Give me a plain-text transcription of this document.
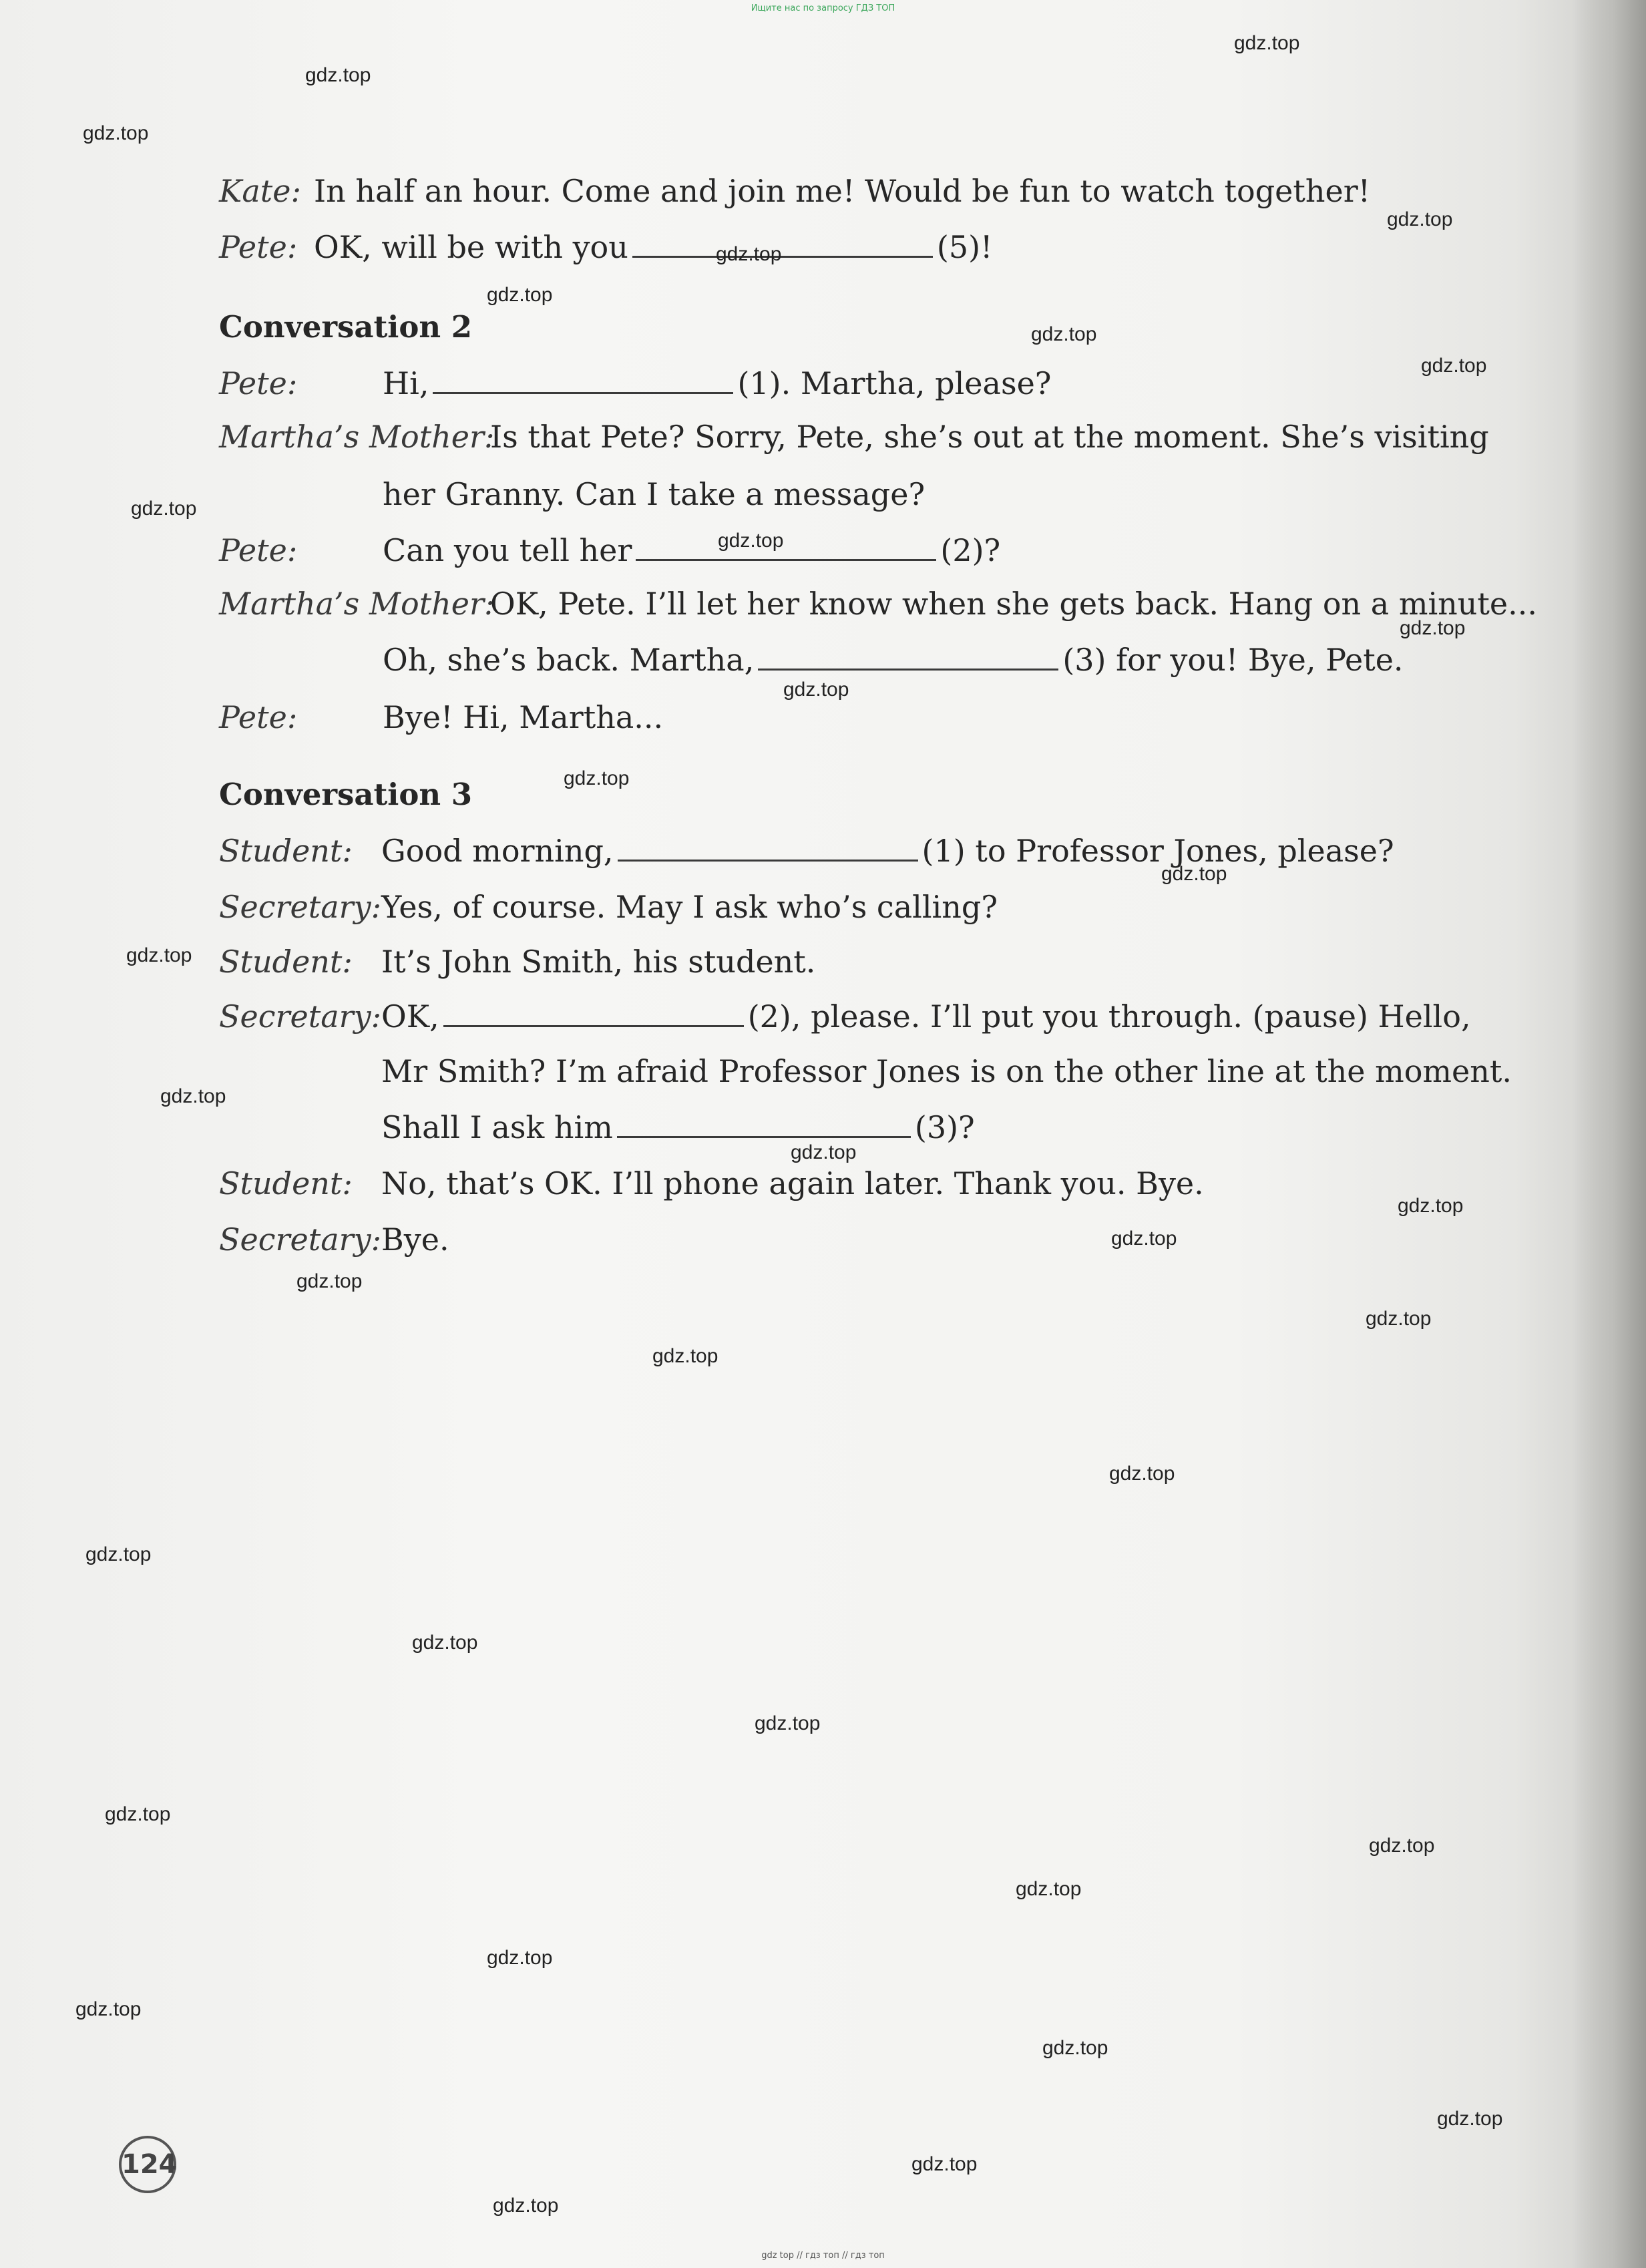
Ищите нас по запросу ГДЗ ТОП
Kate: In half an hour. Come and join me! Would be fun to watch together!
Pete: OK, will be with you	(5)!
Conversation 2
Pete:	Hi,	(1). Martha, please?
Martha’s Mother:Is that Pete? Sorry, Pete, she’s out at the moment. She’s visiting
her Granny. Can I take a message?
Pete:	Can you tell her	(2)?
Martha’s Mother:OK, Pete. I’ll let her know when she gets back. Hang on a minute...
Oh, she’s back. Martha,	(3) for you! Bye, Pete.
Pete:	Bye! Hi, Martha...
Conversation 3
Student: Good morning,	(1) to Professor Jones, please?
Secretary:Yes, of course. May I ask who’s calling?
Student: It’s John Smith, his student.
Secretary:OK,	(2), please. I’ll put you through. (pause) Hello,
Mr Smith? I’m afraid Professor Jones is on the other line at the moment.
Shall I ask him	(3)?
Student: No, that’s OK. I’ll phone again later. Thank you. Bye.
Secretary:Bye.
124
gdz.top
gdz.top
gdz.top
gdz.top
gdz.top
gdz.top
gdz.top
gdz.top
gdz.top
gdz.top
gdz.top
gdz.top
gdz.top
gdz.top
gdz.top
gdz.top
gdz.top
gdz.top
gdz.top
gdz.top
gdz.top
gdz.top
gdz.top
gdz.top
gdz.top
gdz.top
gdz.top
gdz.top
gdz.top
gdz.top
gdz.top
gdz.top
gdz.top
gdz.top
gdz.top
gdz top // гдз топ // гдз топ
